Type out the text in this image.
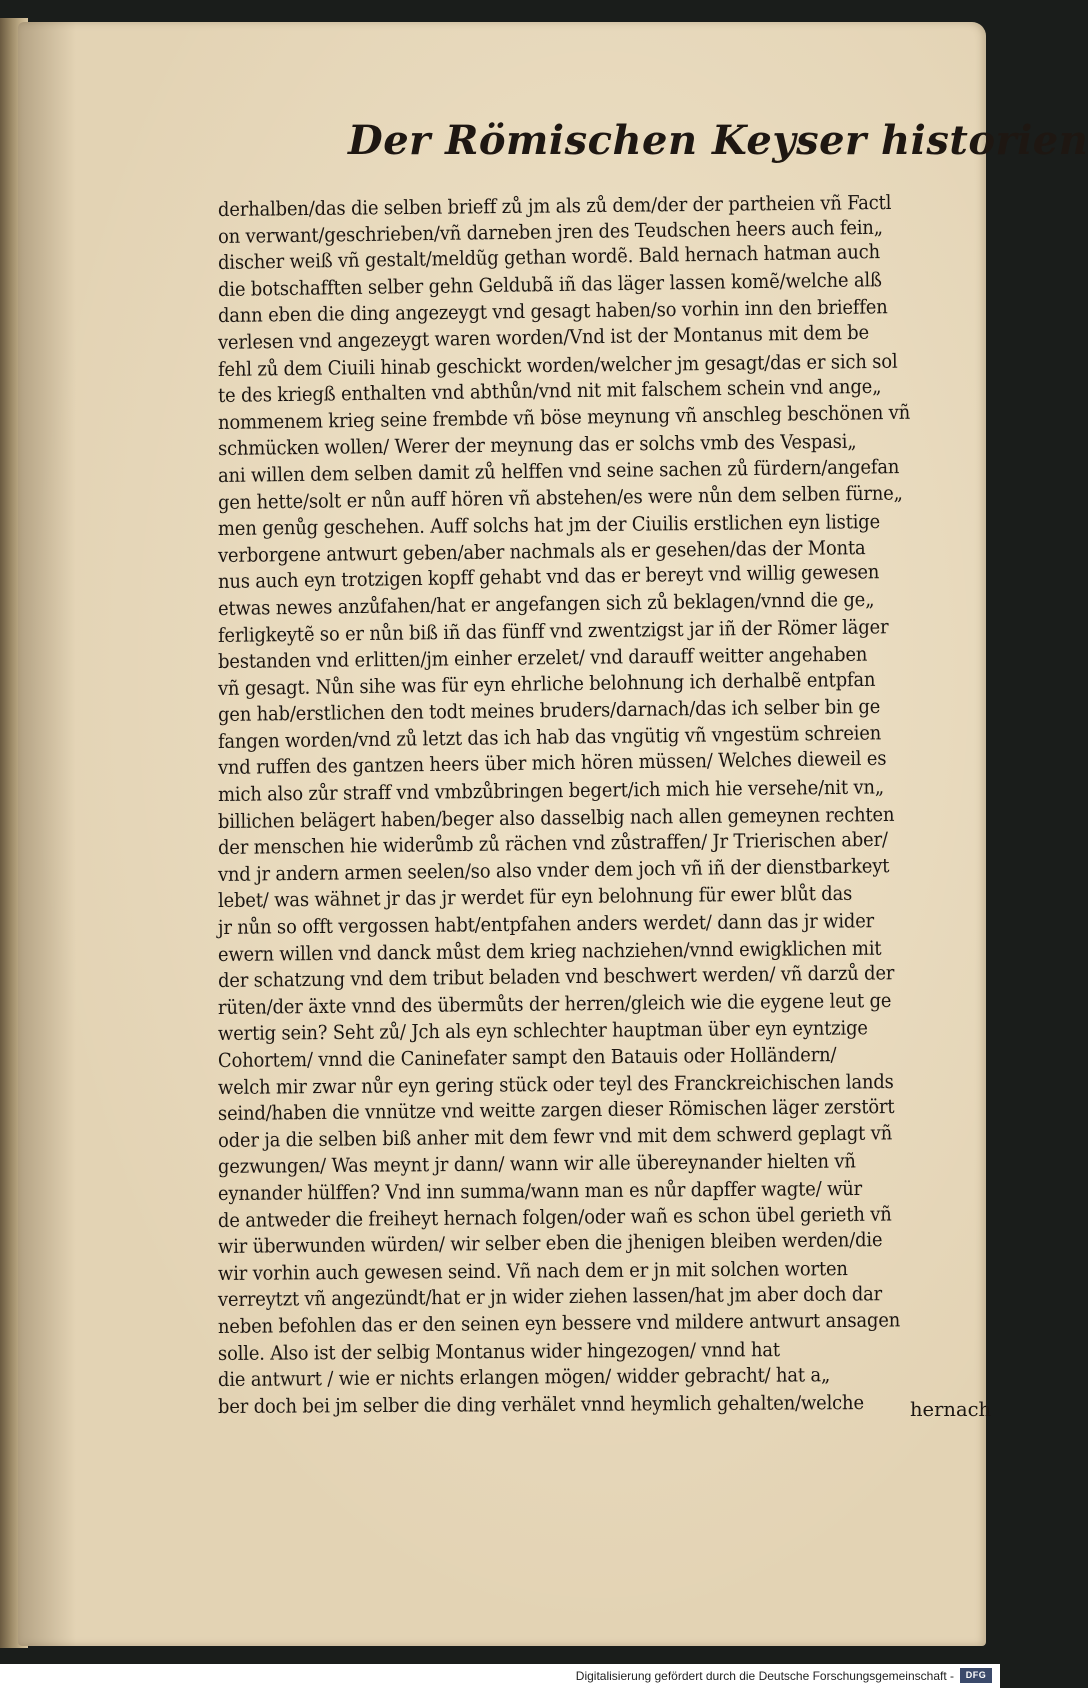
Der Römischen Keyser historien
derhalben/das die selben brieff zů jm als zů dem/der der partheien vñ Factl
on verwant/geschrieben/vñ darneben jren des Teudschen heers auch fein„
discher weiß vñ gestalt/meldũg gethan wordẽ. Bald hernach hatman auch
die botschafften selber gehn Geldubã iñ das läger lassen komẽ/welche alß
dann eben die ding angezeygt vnd gesagt haben/so vorhin inn den brieffen
verlesen vnd angezeygt waren worden/Vnd ist der Montanus mit dem be
fehl zů dem Ciuili hinab geschickt worden/welcher jm gesagt/das er sich sol
te des kriegß enthalten vnd abthůn/vnd nit mit falschem schein vnd ange„
nommenem krieg seine frembde vñ böse meynung vñ anschleg beschönen vñ
schmücken wollen/ Werer der meynung das er solchs vmb des Vespasi„
ani willen dem selben damit zů helffen vnd seine sachen zů fürdern/angefan
gen hette/solt er nůn auff hören vñ abstehen/es were nůn dem selben fürne„
men genůg geschehen. Auff solchs hat jm der Ciuilis erstlichen eyn listige
verborgene antwurt geben/aber nachmals als er gesehen/das der Monta
nus auch eyn trotzigen kopff gehabt vnd das er bereyt vnd willig gewesen
etwas newes anzůfahen/hat er angefangen sich zů beklagen/vnnd die ge„
ferligkeytẽ so er nůn biß iñ das fünff vnd zwentzigst jar iñ der Römer läger
bestanden vnd erlitten/jm einher erzelet/ vnd darauff weitter angehaben
vñ gesagt. Nůn sihe was für eyn ehrliche belohnung ich derhalbẽ entpfan
gen hab/erstlichen den todt meines bruders/darnach/das ich selber bin ge
fangen worden/vnd zů letzt das ich hab das vngütig vñ vngestüm schreien
vnd ruffen des gantzen heers über mich hören müssen/ Welches dieweil es
mich also zůr straff vnd vmbzůbringen begert/ich mich hie versehe/nit vn„
billichen belägert haben/beger also dasselbig nach allen gemeynen rechten
der menschen hie widerůmb zů rächen vnd zůstraffen/ Jr Trierischen aber/
vnd jr andern armen seelen/so also vnder dem joch vñ iñ der dienstbarkeyt
lebet/ was wähnet jr das jr werdet für eyn belohnung für ewer blůt das
jr nůn so offt vergossen habt/entpfahen anders werdet/ dann das jr wider
ewern willen vnd danck můst dem krieg nachziehen/vnnd ewigklichen mit
der schatzung vnd dem tribut beladen vnd beschwert werden/ vñ darzů der
rüten/der äxte vnnd des übermůts der herren/gleich wie die eygene leut ge
wertig sein? Seht zů/ Jch als eyn schlechter hauptman über eyn eyntzige
Cohortem/ vnnd die Caninefater sampt den Batauis oder Holländern/
welch mir zwar nůr eyn gering stück oder teyl des Franckreichischen lands
seind/haben die vnnütze vnd weitte zargen dieser Römischen läger zerstört
oder ja die selben biß anher mit dem fewr vnd mit dem schwerd geplagt vñ
gezwungen/ Was meynt jr dann/ wann wir alle übereynander hielten vñ
eynander hülffen? Vnd inn summa/wann man es nůr dapffer wagte/ wür
de antweder die freiheyt hernach folgen/oder wañ es schon übel gerieth vñ
wir überwunden würden/ wir selber eben die jhenigen bleiben werden/die
wir vorhin auch gewesen seind. Vñ nach dem er jn mit solchen worten
verreytzt vñ angezündt/hat er jn wider ziehen lassen/hat jm aber doch dar
neben befohlen das er den seinen eyn bessere vnd mildere antwurt ansagen
solle. Also ist der selbig Montanus wider hingezogen/ vnnd hat
die antwurt / wie er nichts erlangen mögen/ widder gebracht/ hat a„
ber doch bei jm selber die ding verhälet vnnd heymlich gehalten/welche	hernach
Digitalisierung gefördert durch die Deutsche Forschungsgemeinschaft -	DFG
